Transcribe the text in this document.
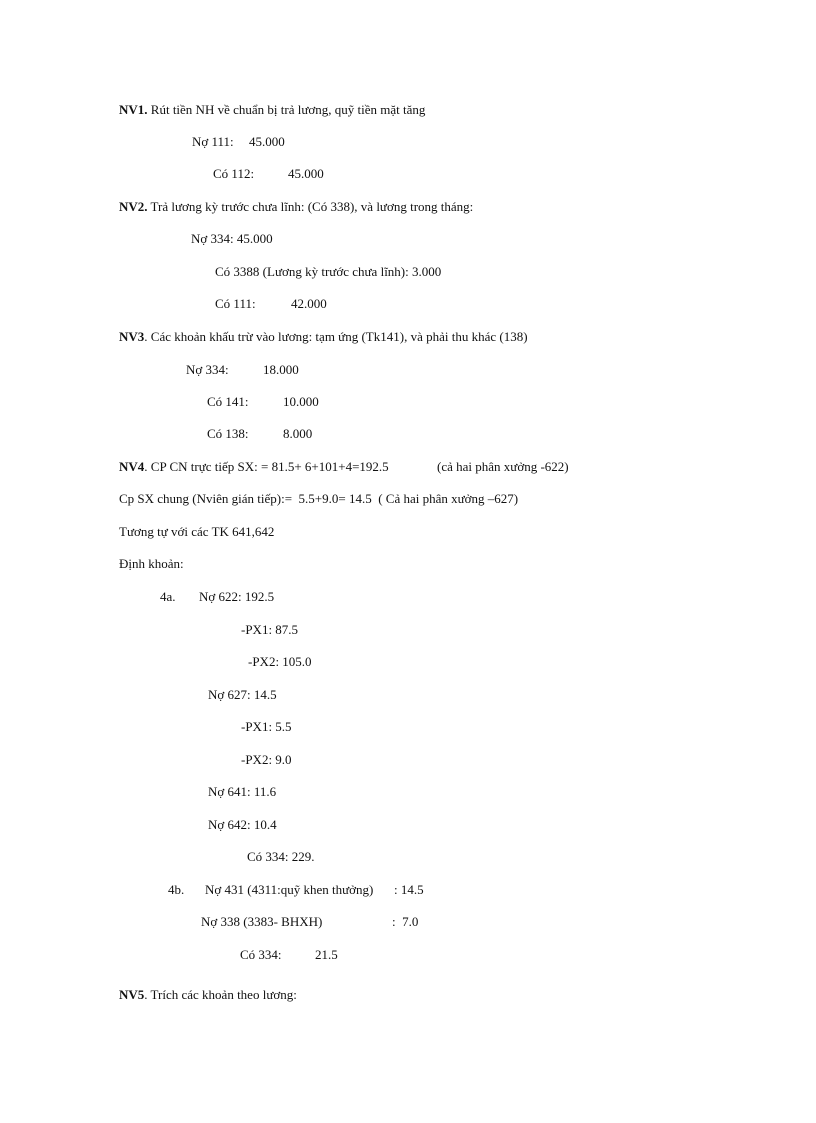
NV1. Rút tiền NH về chuẩn bị trả lương, quỹ tiền mặt tăng
Nợ 111: 45.000
Có 112:	45.000
NV2. Trả lương kỳ trước chưa lĩnh: (Có 338), và lương trong tháng:
Nợ 334: 45.000
Có 3388 (Lương kỳ trước chưa lĩnh): 3.000
Có 111:	42.000
NV3. Các khoản khấu trừ vào lương: tạm ứng (Tk141), và phải thu khác (138)
Nợ 334:	18.000
Có 141:	10.000
Có 138:	8.000
NV4. CP CN trực tiếp SX: = 81.5+ 6+101+4=192.5	(cả hai phân xưởng -622)
Cp SX chung (Nviên gián tiếp):=  5.5+9.0= 14.5  ( Cả hai phân xưởng –627)
Tương tự với các TK 641,642
Định khoản:
4a. Nợ 622: 192.5
-PX1: 87.5
-PX2: 105.0
Nợ 627: 14.5
-PX1: 5.5
-PX2: 9.0
Nợ 641: 11.6
Nợ 642: 10.4
Có 334: 229.
4b. Nợ 431 (4311:quỹ khen thưởng) : 14.5
Nợ 338 (3383- BHXH)	:  7.0
Có 334:	21.5
NV5. Trích các khoản theo lương:
